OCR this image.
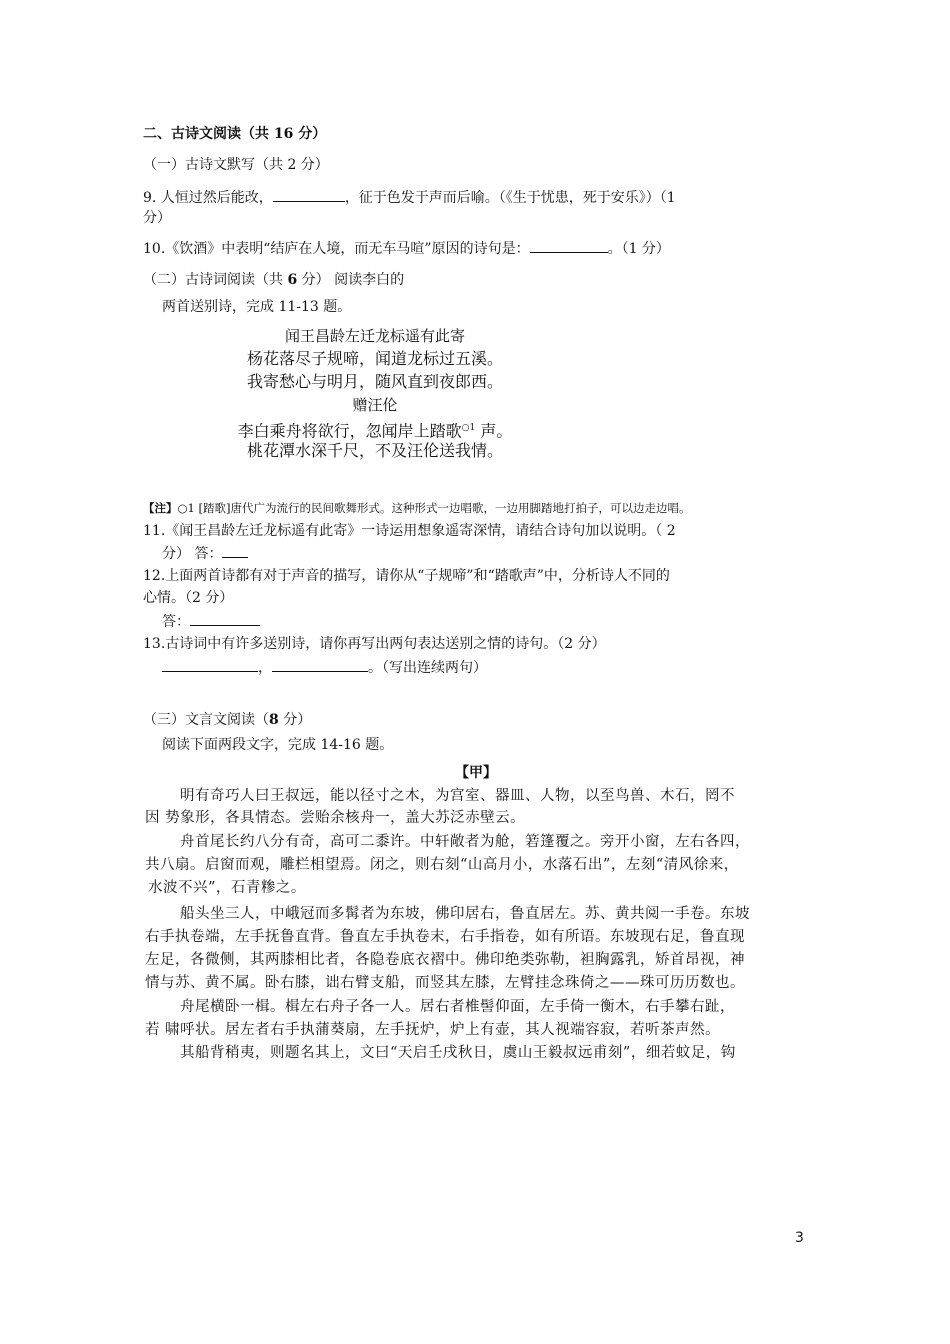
二、古诗文阅读（共 16 分）
（一）古诗文默写（共 2 分）
9. 人恒过然后能改，	，征于色发于声而后喻。（《生于忧患，死于安乐》）（1
分）
10.《饮酒》中表明“结庐在人境，而无车马喧”原因的诗句是：	。（1 分）
（二）古诗词阅读（共 6 分） 阅读李白的
两首送别诗，完成 11-13 题。
闻王昌龄左迁龙标遥有此寄
杨花落尽子规啼，闻道龙标过五溪。
我寄愁心与明月，随风直到夜郎西。
赠汪伦
李白乘舟将欲行，忽闻岸上踏歌$^{○1}$ 声。
桃花潭水深千尺，不及汪伦送我情。
【注】○1 [踏歌]唐代广为流行的民间歌舞形式。这种形式一边唱歌，一边用脚踏地打拍子，可以边走边唱。
11.《闻王昌龄左迁龙标遥有此寄》一诗运用想象遥寄深情，请结合诗句加以说明。（ 2
分） 答：
12.上面两首诗都有对于声音的描写，请你从“子规啼”和“踏歌声”中，分析诗人不同的
心情。（2 分）
答：
13.古诗词中有许多送别诗，请你再写出两句表达送别之情的诗句。（2 分）
，	。（写出连续两句）
（三）文言文阅读（8 分）
阅读下面两段文字，完成 14-16 题。
【甲】
明有奇巧人曰王叔远，能以径寸之木，为宫室、器皿、人物，以至鸟兽、木石，罔不
因 势象形，各具情态。尝贻余核舟一，盖大苏泛赤壁云。
舟首尾长约八分有奇，高可二黍许。中轩敞者为舱，箬篷覆之。旁开小窗，左右各四，
共八扇。启窗而观，雕栏相望焉。闭之，则右刻“山高月小，水落石出”，左刻“清风徐来，
水波不兴”，石青糁之。
船头坐三人，中峨冠而多髯者为东坡，佛印居右，鲁直居左。苏、黄共阅一手卷。东坡
右手执卷端，左手抚鲁直背。鲁直左手执卷末，右手指卷，如有所语。东坡现右足，鲁直现
左足，各微侧，其两膝相比者，各隐卷底衣褶中。佛印绝类弥勒，袒胸露乳，矫首昂视，神
情与苏、黄不属。卧右膝，诎右臂支船，而竖其左膝，左臂挂念珠倚之——珠可历历数也。
舟尾横卧一楫。楫左右舟子各一人。居右者椎髻仰面，左手倚一衡木，右手攀右趾，
若 啸呼状。居左者右手执蒲葵扇，左手抚炉，炉上有壶，其人视端容寂，若听茶声然。
其船背稍夷，则题名其上，文曰“天启壬戌秋日，虞山王毅叔远甫刻”，细若蚊足，钩
3
